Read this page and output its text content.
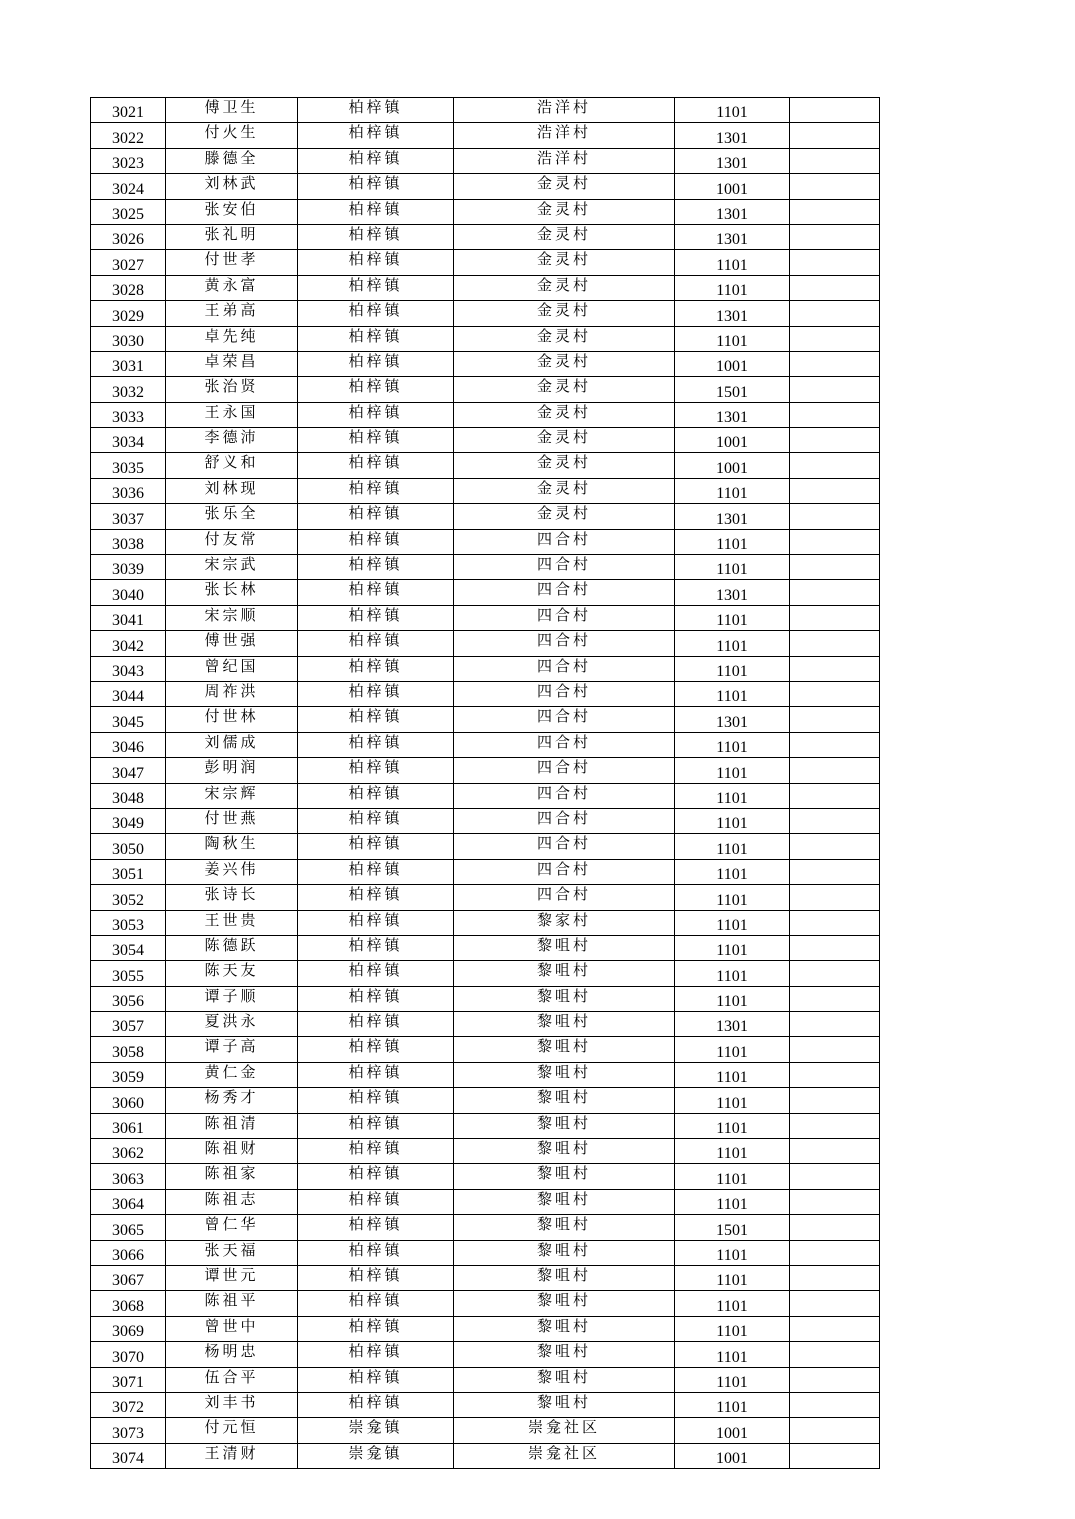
3021	傅卫生	柏梓镇	浩洋村	1101	
3022	付火生	柏梓镇	浩洋村	1301	
3023	滕德全	柏梓镇	浩洋村	1301	
3024	刘林武	柏梓镇	金灵村	1001	
3025	张安伯	柏梓镇	金灵村	1301	
3026	张礼明	柏梓镇	金灵村	1301	
3027	付世孝	柏梓镇	金灵村	1101	
3028	黄永富	柏梓镇	金灵村	1101	
3029	王弟高	柏梓镇	金灵村	1301	
3030	卓先纯	柏梓镇	金灵村	1101	
3031	卓荣昌	柏梓镇	金灵村	1001	
3032	张治贤	柏梓镇	金灵村	1501	
3033	王永国	柏梓镇	金灵村	1301	
3034	李德沛	柏梓镇	金灵村	1001	
3035	舒义和	柏梓镇	金灵村	1001	
3036	刘林现	柏梓镇	金灵村	1101	
3037	张乐全	柏梓镇	金灵村	1301	
3038	付友常	柏梓镇	四合村	1101	
3039	宋宗武	柏梓镇	四合村	1101	
3040	张长林	柏梓镇	四合村	1301	
3041	宋宗顺	柏梓镇	四合村	1101	
3042	傅世强	柏梓镇	四合村	1101	
3043	曾纪国	柏梓镇	四合村	1101	
3044	周祚洪	柏梓镇	四合村	1101	
3045	付世林	柏梓镇	四合村	1301	
3046	刘儒成	柏梓镇	四合村	1101	
3047	彭明润	柏梓镇	四合村	1101	
3048	宋宗辉	柏梓镇	四合村	1101	
3049	付世燕	柏梓镇	四合村	1101	
3050	陶秋生	柏梓镇	四合村	1101	
3051	姜兴伟	柏梓镇	四合村	1101	
3052	张诗长	柏梓镇	四合村	1101	
3053	王世贵	柏梓镇	黎家村	1101	
3054	陈德跃	柏梓镇	黎咀村	1101	
3055	陈天友	柏梓镇	黎咀村	1101	
3056	谭子顺	柏梓镇	黎咀村	1101	
3057	夏洪永	柏梓镇	黎咀村	1301	
3058	谭子高	柏梓镇	黎咀村	1101	
3059	黄仁金	柏梓镇	黎咀村	1101	
3060	杨秀才	柏梓镇	黎咀村	1101	
3061	陈祖清	柏梓镇	黎咀村	1101	
3062	陈祖财	柏梓镇	黎咀村	1101	
3063	陈祖家	柏梓镇	黎咀村	1101	
3064	陈祖志	柏梓镇	黎咀村	1101	
3065	曾仁华	柏梓镇	黎咀村	1501	
3066	张天福	柏梓镇	黎咀村	1101	
3067	谭世元	柏梓镇	黎咀村	1101	
3068	陈祖平	柏梓镇	黎咀村	1101	
3069	曾世中	柏梓镇	黎咀村	1101	
3070	杨明忠	柏梓镇	黎咀村	1101	
3071	伍合平	柏梓镇	黎咀村	1101	
3072	刘丰书	柏梓镇	黎咀村	1101	
3073	付元恒	崇龛镇	崇龛社区	1001	
3074	王清财	崇龛镇	崇龛社区	1001	
